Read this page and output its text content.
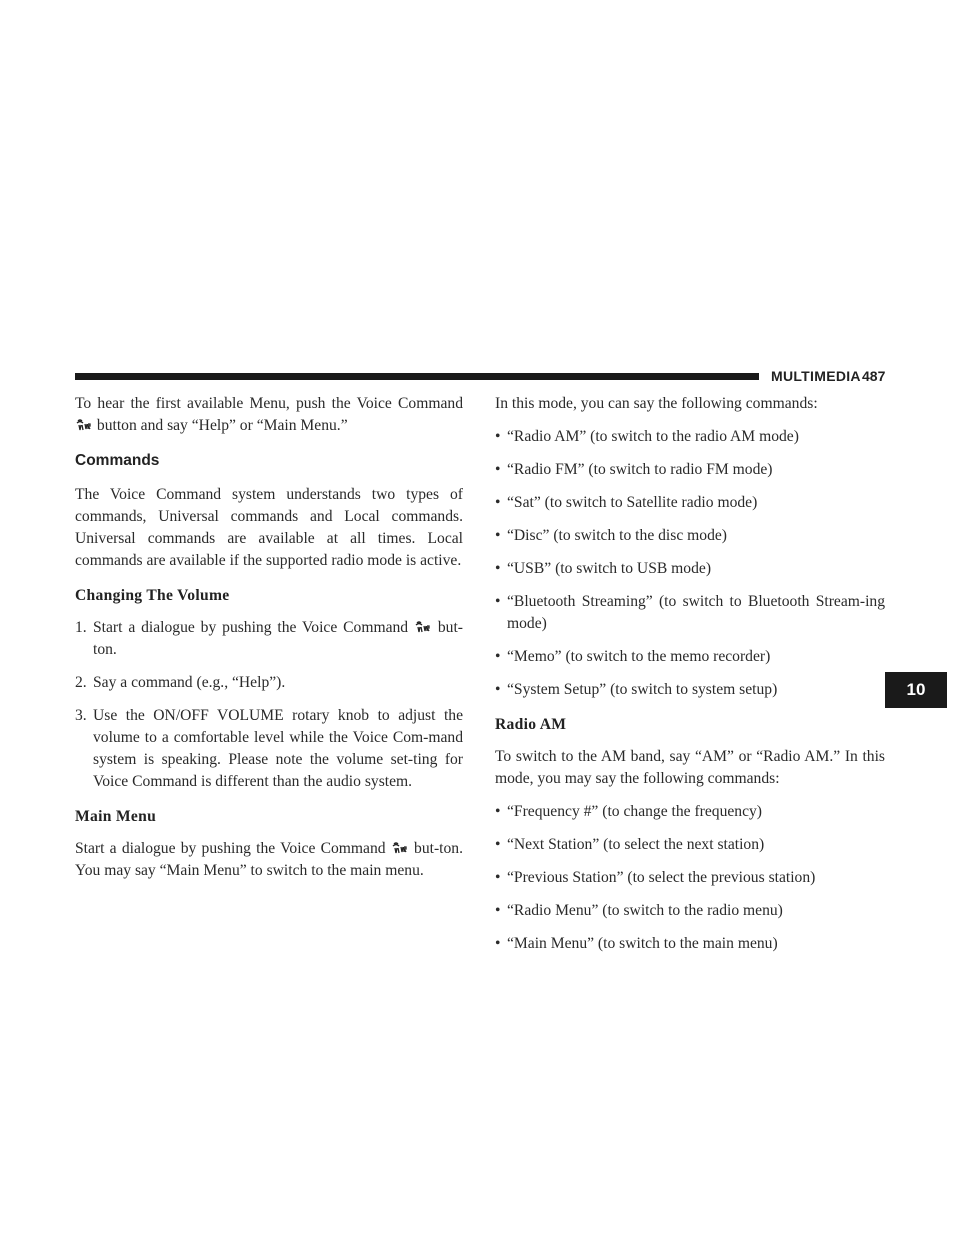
MULTIMEDIA 487
10

To hear the first available Menu, push the Voice Command  button and say “Help” or “Main Menu.”

Commands

The Voice Command system understands two types of commands, Universal commands and Local commands. Universal commands are available at all times. Local commands are available if the supported radio mode is active.

Changing The Volume
1. Start a dialogue by pushing the Voice Command but-ton.
2. Say a command (e.g., “Help”).
3. Use the ON/OFF VOLUME rotary knob to adjust the volume to a comfortable level while the Voice Com-mand system is speaking. Please note the volume set-ting for Voice Command is different than the audio system.
Main Menu

Start a dialogue by pushing the Voice Command but-ton. You may say “Main Menu” to switch to the main menu.

In this mode, you can say the following commands:

• “Radio AM” (to switch to the radio AM mode)
• “Radio FM” (to switch to radio FM mode)
• “Sat” (to switch to Satellite radio mode)
• “Disc” (to switch to the disc mode)
• “USB” (to switch to USB mode)
• “Bluetooth Streaming” (to switch to Bluetooth Stream-ing mode)
• “Memo” (to switch to the memo recorder)
• “System Setup” (to switch to system setup)
Radio AM

To switch to the AM band, say “AM” or “Radio AM.” In this mode, you may say the following commands:

• “Frequency #” (to change the frequency)
• “Next Station” (to select the next station)
• “Previous Station” (to select the previous station)
• “Radio Menu” (to switch to the radio menu)
• “Main Menu” (to switch to the main menu)
